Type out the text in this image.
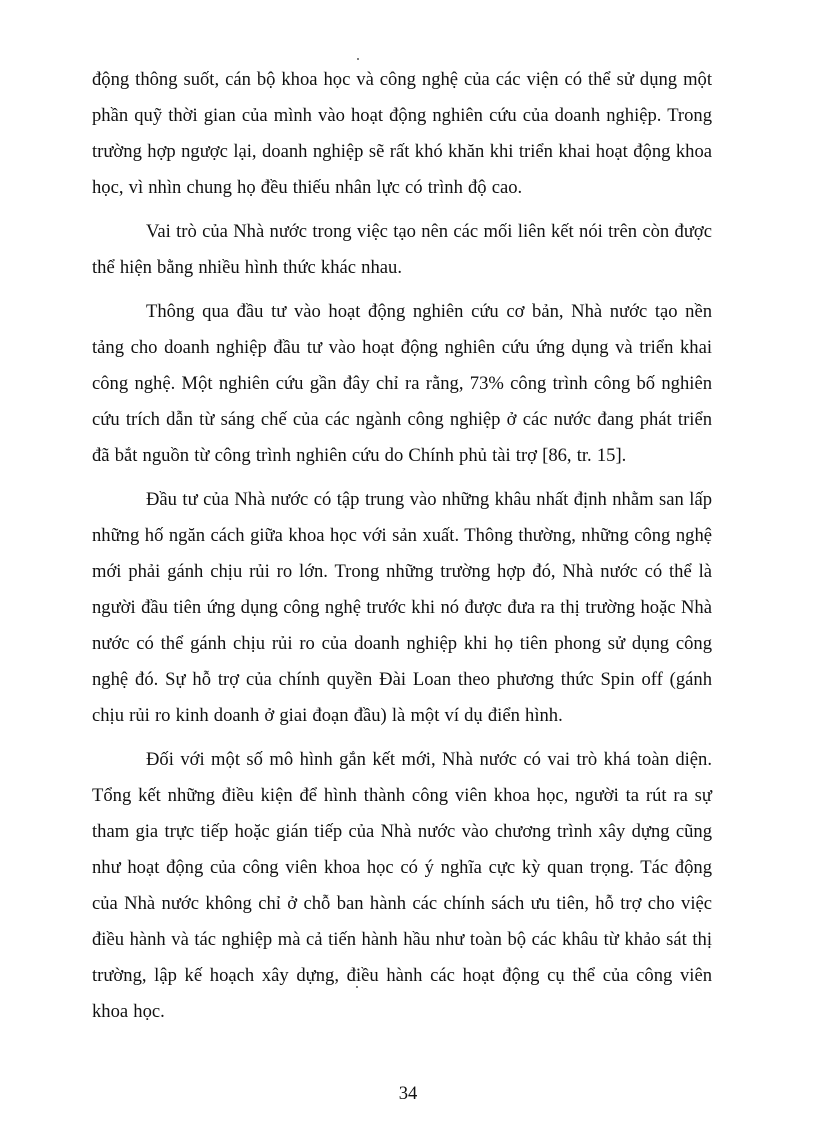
động thông suốt, cán bộ khoa học và công nghệ của các viện có thể sử dụng một phần quỹ thời gian của mình vào hoạt động nghiên cứu của doanh nghiệp. Trong trường hợp ngược lại, doanh nghiệp sẽ rất khó khăn khi triển khai hoạt động khoa học, vì nhìn chung họ đều thiếu nhân lực có trình độ cao.

Vai trò của Nhà nước trong việc tạo nên các mối liên kết nói trên còn được thể hiện bằng nhiều hình thức khác nhau.

Thông qua đầu tư vào hoạt động nghiên cứu cơ bản, Nhà nước tạo nền tảng cho doanh nghiệp đầu tư vào hoạt động nghiên cứu ứng dụng và triển khai công nghệ. Một nghiên cứu gần đây chỉ ra rằng, 73% công trình công bố nghiên cứu trích dẫn từ sáng chế của các ngành công nghiệp ở các nước đang phát triển đã bắt nguồn từ công trình nghiên cứu do Chính phủ tài trợ [86, tr. 15].

Đầu tư của Nhà nước có tập trung vào những khâu nhất định nhằm san lấp những hố ngăn cách giữa khoa học với sản xuất. Thông thường, những công nghệ mới phải gánh chịu rủi ro lớn. Trong những trường hợp đó, Nhà nước có thể là người đầu tiên ứng dụng công nghệ trước khi nó được đưa ra thị trường hoặc Nhà nước có thể gánh chịu rủi ro của doanh nghiệp khi họ tiên phong sử dụng công nghệ đó. Sự hỗ trợ của chính quyền Đài Loan theo phương thức Spin off (gánh chịu rủi ro kinh doanh ở giai đoạn đầu) là một ví dụ điển hình.

Đối với một số mô hình gắn kết mới, Nhà nước có vai trò khá toàn diện. Tổng kết những điều kiện để hình thành công viên khoa học, người ta rút ra sự tham gia trực tiếp hoặc gián tiếp của Nhà nước vào chương trình xây dựng cũng như hoạt động của công viên khoa học có ý nghĩa cực kỳ quan trọng. Tác động của Nhà nước không chỉ ở chỗ ban hành các chính sách ưu tiên, hỗ trợ cho việc điều hành và tác nghiệp mà cả tiến hành hầu như toàn bộ các khâu từ khảo sát thị trường, lập kế hoạch xây dựng, điều hành các hoạt động cụ thể của công viên khoa học.

34
